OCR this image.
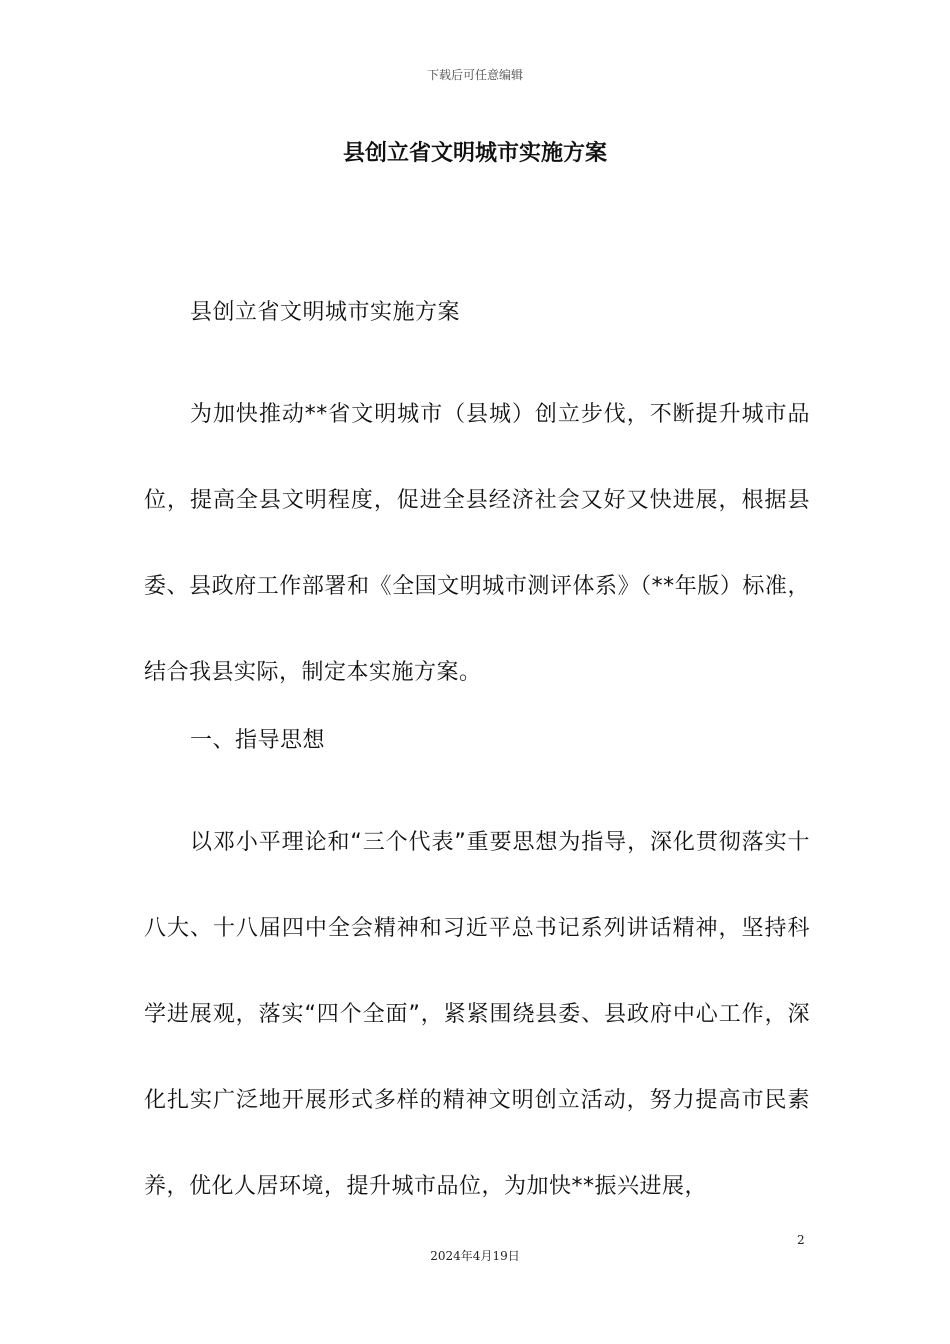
下载后可任意编辑
县创立省文明城市实施方案

县创立省文明城市实施方案

为加快推动**省文明城市（县城）创立步伐，不断提升城市品位，提高全县文明程度，促进全县经济社会又好又快进展，根据县委、县政府工作部署和《全国文明城市测评体系》（**年版）标准，结合我县实际，制定本实施方案。

一、指导思想

以邓小平理论和“三个代表”重要思想为指导，深化贯彻落实十八大、十八届四中全会精神和习近平总书记系列讲话精神，坚持科学进展观，落实“四个全面”，紧紧围绕县委、县政府中心工作，深化扎实广泛地开展形式多样的精神文明创立活动，努力提高市民素养，优化人居环境，提升城市品位，为加快**振兴进展，

2
2024年4月19日
